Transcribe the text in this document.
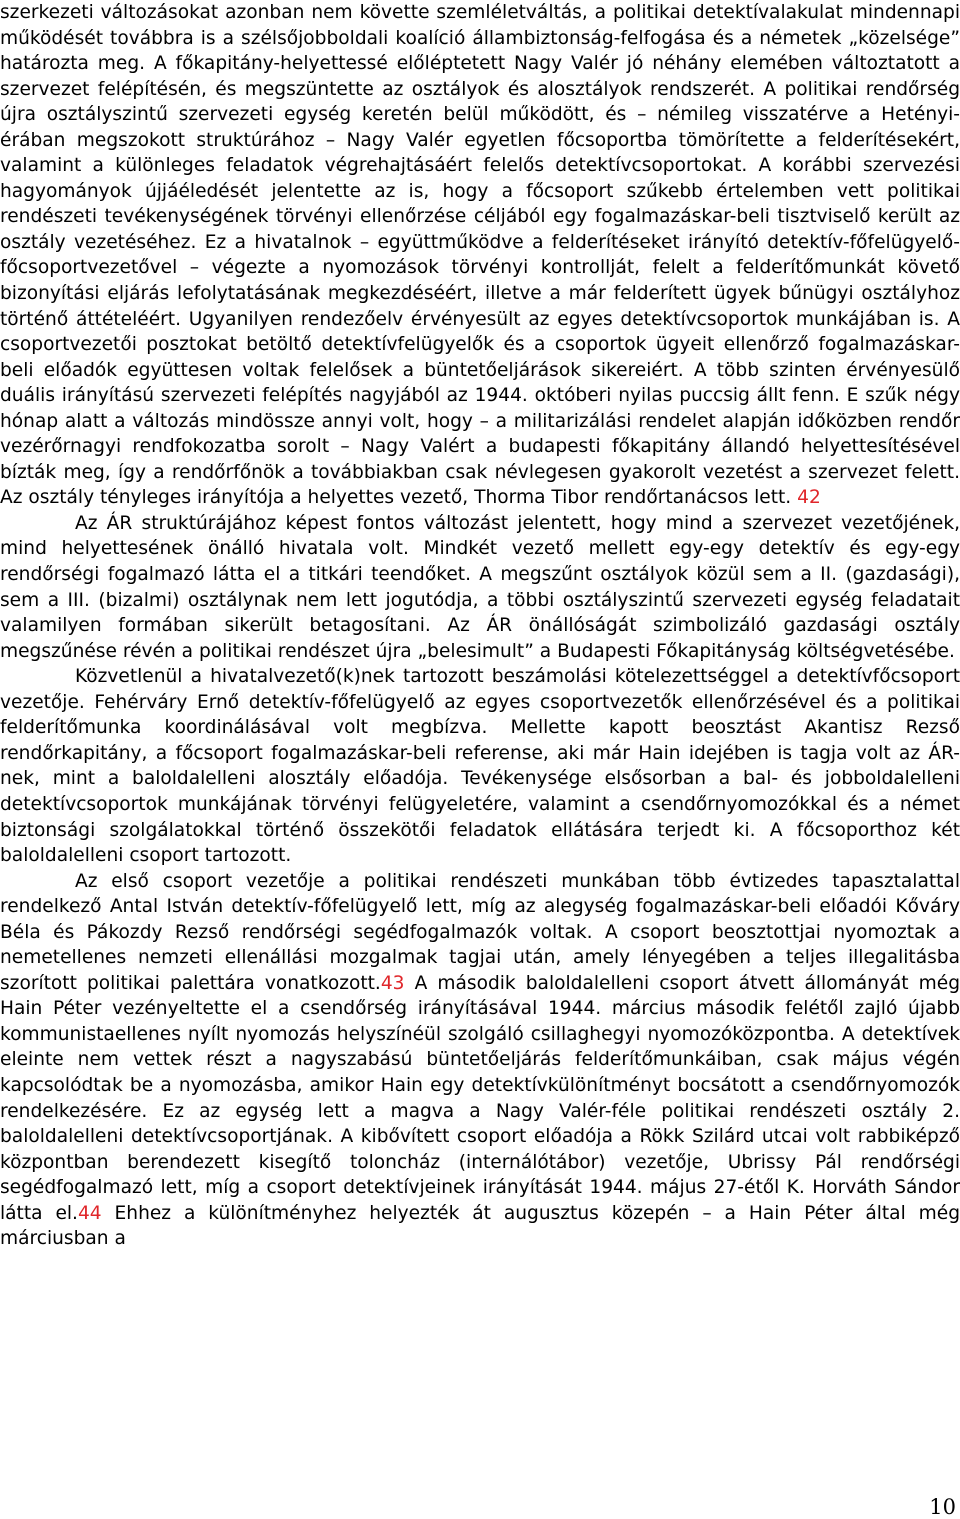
szerkezeti változásokat azonban nem követte szemléletváltás, a politikai detektívalakulat mindennapi működését továbbra is a szélsőjobboldali koalíció állambiztonság-felfogása és a németek „közelsége” határozta meg. A főkapitány-helyettessé előléptetett Nagy Valér jó néhány elemében változtatott a szervezet felépítésén, és megszüntette az osztályok és alosztályok rendszerét. A politikai rendőrség újra osztályszintű szervezeti egység keretén belül működött, és – némileg visszatérve a Hetényi-érában megszokott struktúrához – Nagy Valér egyetlen főcsoportba tömörítette a felderítésekért, valamint a különleges feladatok végrehajtásáért felelős detektívcsoportokat. A korábbi szervezési hagyományok újjáéledését jelentette az is, hogy a főcsoport szűkebb értelemben vett politikai rendészeti tevékenységének törvényi ellenőrzése céljából egy fogalmazáskar-beli tisztviselő került az osztály vezetéséhez. Ez a hivatalnok – együttműködve a felderítéseket irányító detektív-főfelügyelő-főcsoportvezetővel – végezte a nyomozások törvényi kontrollját, felelt a felderítőmunkát követő bizonyítási eljárás lefolytatásának megkezdéséért, illetve a már felderített ügyek bűnügyi osztályhoz történő áttételéért. Ugyanilyen rendezőelv érvényesült az egyes detektívcsoportok munkájában is. A csoportvezetői posztokat betöltő detektívfelügyelők és a csoportok ügyeit ellenőrző fogalmazáskar-beli előadók együttesen voltak felelősek a büntetőeljárások sikereiért. A több szinten érvényesülő duális irányítású szervezeti felépítés nagyjából az 1944. októberi nyilas puccsig állt fenn. E szűk négy hónap alatt a változás mindössze annyi volt, hogy – a militarizálási rendelet alapján időközben rendőr vezérőrnagyi rendfokozatba sorolt – Nagy Valért a budapesti főkapitány állandó helyettesítésével bízták meg, így a rendőrfőnök a továbbiakban csak névlegesen gyakorolt vezetést a szervezet felett. Az osztály tényleges irányítója a helyettes vezető, Thorma Tibor rendőrtanácsos lett. 42

Az ÁR struktúrájához képest fontos változást jelentett, hogy mind a szervezet vezetőjének, mind helyettesének önálló hivatala volt. Mindkét vezető mellett egy-egy detektív és egy-egy rendőrségi fogalmazó látta el a titkári teendőket. A megszűnt osztályok közül sem a II. (gazdasági), sem a III. (bizalmi) osztálynak nem lett jogutódja, a többi osztályszintű szervezeti egység feladatait valamilyen formában sikerült betagosítani. Az ÁR önállóságát szimbolizáló gazdasági osztály megszűnése révén a politikai rendészet újra „belesimult” a Budapesti Főkapitányság költségvetésébe.

Közvetlenül a hivatalvezető(k)nek tartozott beszámolási kötelezettséggel a detektívfőcsoport vezetője. Fehérváry Ernő detektív-főfelügyelő az egyes csoportvezetők ellenőrzésével és a politikai felderítőmunka koordinálásával volt megbízva. Mellette kapott beosztást Akantisz Rezső rendőrkapitány, a főcsoport fogalmazáskar-beli referense, aki már Hain idejében is tagja volt az ÁR-nek, mint a baloldalelleni alosztály előadója. Tevékenysége elsősorban a bal- és jobboldalelleni detektívcsoportok munkájának törvényi felügyeletére, valamint a csendőrnyomozókkal és a német biztonsági szolgálatokkal történő összekötői feladatok ellátására terjedt ki. A főcsoporthoz két baloldalelleni csoport tartozott.

Az első csoport vezetője a politikai rendészeti munkában több évtizedes tapasztalattal rendelkező Antal István detektív-főfelügyelő lett, míg az alegység fogalmazáskar-beli előadói Kőváry Béla és Pákozdy Rezső rendőrségi segédfogalmazók voltak. A csoport beosztottjai nyomoztak a nemetellenes nemzeti ellenállási mozgalmak tagjai után, amely lényegében a teljes illegalitásba szorított politikai palettára vonatkozott.43 A második baloldalelleni csoport átvett állományát még Hain Péter vezényeltette el a csendőrség irányításával 1944. március második felétől zajló újabb kommunistaellenes nyílt nyomozás helyszínéül szolgáló csillaghegyi nyomozóközpontba. A detektívek eleinte nem vettek részt a nagyszabású büntetőeljárás felderítőmunkáiban, csak május végén kapcsolódtak be a nyomozásba, amikor Hain egy detektívkülönítményt bocsátott a csendőrnyomozók rendelkezésére. Ez az egység lett a magva a Nagy Valér-féle politikai rendészeti osztály 2. baloldalelleni detektívcsoportjának. A kibővített csoport előadója a Rökk Szilárd utcai volt rabbiképző központban berendezett kisegítő toloncház (internálótábor) vezetője, Ubrissy Pál rendőrségi segédfogalmazó lett, míg a csoport detektívjeinek irányítását 1944. május 27-étől K. Horváth Sándor látta el.44 Ehhez a különítményhez helyezték át augusztus közepén – a Hain Péter által még márciusban a

10
